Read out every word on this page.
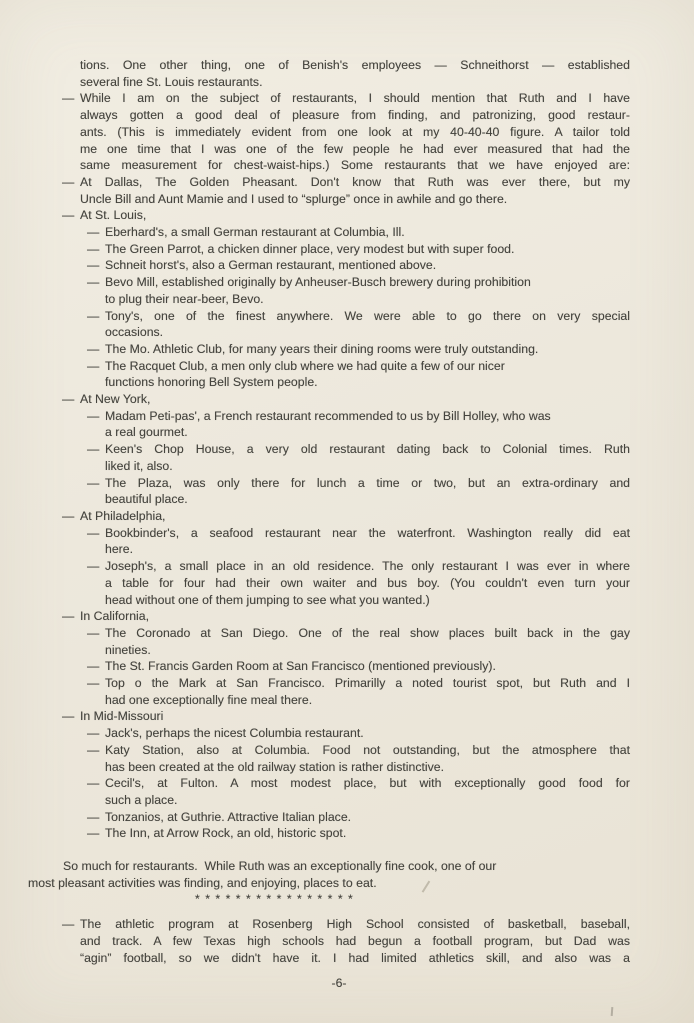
tions. One other thing, one of Benish's employees — Schneithorst — established
several fine St. Louis restaurants.
— While I am on the subject of restaurants, I should mention that Ruth and I have
always gotten a good deal of pleasure from finding, and patronizing, good restaur-
ants. (This is immediately evident from one look at my 40-40-40 figure. A tailor told
me one time that I was one of the few people he had ever measured that had the
same measurement for chest-waist-hips.) Some restaurants that we have enjoyed are:
— At Dallas, The Golden Pheasant. Don't know that Ruth was ever there, but my
Uncle Bill and Aunt Mamie and I used to “splurge” once in awhile and go there.
— At St. Louis,
— Eberhard's, a small German restaurant at Columbia, Ill.
— The Green Parrot, a chicken dinner place, very modest but with super food.
— Schneit horst's, also a German restaurant, mentioned above.
— Bevo Mill, established originally by Anheuser-Busch brewery during prohibition
to plug their near-beer, Bevo.
— Tony's, one of the finest anywhere. We were able to go there on very special
occasions.
— The Mo. Athletic Club, for many years their dining rooms were truly outstanding.
— The Racquet Club, a men only club where we had quite a few of our nicer
functions honoring Bell System people.
— At New York,
— Madam Peti-pas', a French restaurant recommended to us by Bill Holley, who was
a real gourmet.
— Keen's Chop House, a very old restaurant dating back to Colonial times. Ruth
liked it, also.
— The Plaza, was only there for lunch a time or two, but an extra-ordinary and
beautiful place.
— At Philadelphia,
— Bookbinder's, a seafood restaurant near the waterfront. Washington really did eat
here.
— Joseph's, a small place in an old residence. The only restaurant I was ever in where
a table for four had their own waiter and bus boy. (You couldn't even turn your
head without one of them jumping to see what you wanted.)
— In California,
— The Coronado at San Diego. One of the real show places built back in the gay
nineties.
— The St. Francis Garden Room at San Francisco (mentioned previously).
— Top o the Mark at San Francisco. Primarilly a noted tourist spot, but Ruth and I
had one exceptionally fine meal there.
— In Mid-Missouri
— Jack's, perhaps the nicest Columbia restaurant.
— Katy Station, also at Columbia. Food not outstanding, but the atmosphere that
has been created at the old railway station is rather distinctive.
— Cecil's, at Fulton. A most modest place, but with exceptionally good food for
such a place.
— Tonzanios, at Guthrie. Attractive Italian place.
— The Inn, at Arrow Rock, an old, historic spot.
So much for restaurants.  While Ruth was an exceptionally fine cook, one of our
most pleasant activities was finding, and enjoying, places to eat.
* * * * * * * * * * * * * * * *
— The athletic program at Rosenberg High School consisted of basketball, baseball,
and track. A few Texas high schools had begun a football program, but Dad was
“agin” football, so we didn't have it. I had limited athletics skill, and also was a
-6-
